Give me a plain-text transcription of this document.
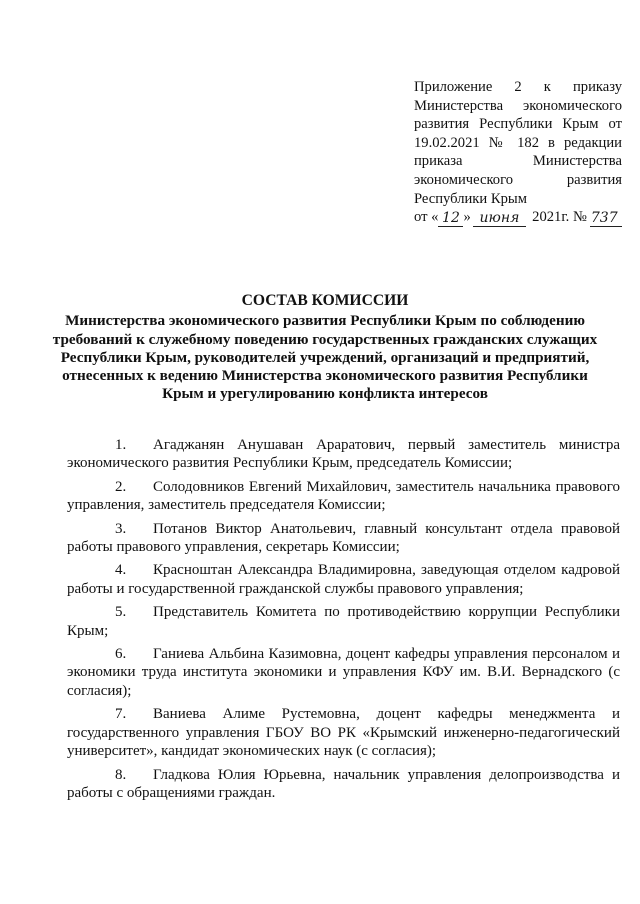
Приложение 2 к приказу
Министерства экономического
развития Республики Крым от
19.02.2021 № 182 в редакции
приказа Министерства
экономического развития
Республики Крым
от « 12 » июня 2021г. № 737
СОСТАВ КОМИССИИ
Министерства экономического развития Республики Крым по соблюдению требований к служебному поведению государственных гражданских служащих Республики Крым, руководителей учреждений, организаций и предприятий, отнесенных к ведению Министерства экономического развития Республики Крым и урегулированию конфликта интересов
1. Агаджанян Анушаван Араратович, первый заместитель министра экономического развития Республики Крым, председатель Комиссии;
2. Солодовников Евгений Михайлович, заместитель начальника правового управления, заместитель председателя Комиссии;
3. Потанов Виктор Анатольевич, главный консультант отдела правовой работы правового управления, секретарь Комиссии;
4. Красноштан Александра Владимировна, заведующая отделом кадровой работы и государственной гражданской службы правового управления;
5. Представитель Комитета по противодействию коррупции Республики Крым;
6. Ганиева Альбина Казимовна, доцент кафедры управления персоналом и экономики труда института экономики и управления КФУ им. В.И. Вернадского (с согласия);
7. Ваниева Алиме Рустемовна, доцент кафедры менеджмента и государственного управления ГБОУ ВО РК «Крымский инженерно-педагогический университет», кандидат экономических наук (с согласия);
8. Гладкова Юлия Юрьевна, начальник управления делопроизводства и работы с обращениями граждан.
